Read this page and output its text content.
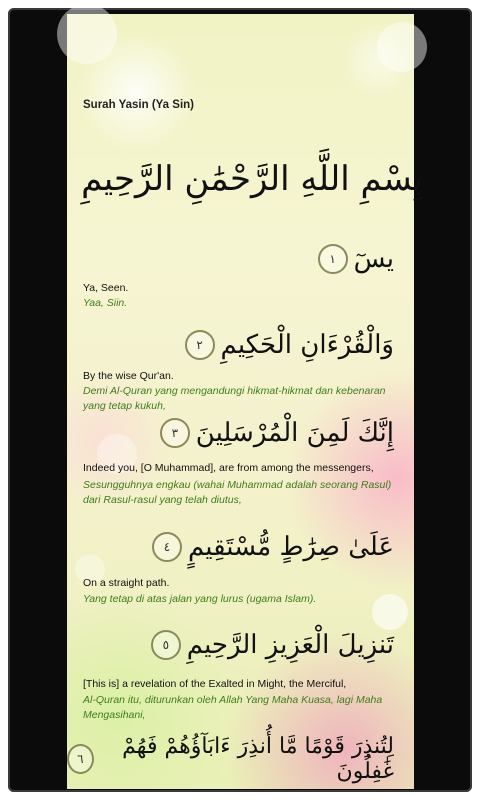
Surah Yasin (Ya Sin)
بِسْمِ اللَّهِ الرَّحْمَٰنِ الرَّحِيمِ
يسٓ
١
Ya, Seen.
Yaa, Siin.
وَالْقُرْءَانِ الْحَكِيمِ
٢
By the wise Qur'an.
Demi Al-Quran yang mengandungi hikmat-hikmat dan kebenaran yang tetap kukuh,
إِنَّكَ لَمِنَ الْمُرْسَلِينَ
٣
Indeed you, [O Muhammad], are from among the messengers,
Sesungguhnya engkau (wahai Muhammad adalah seorang Rasul) dari Rasul-rasul yang telah diutus,
عَلَىٰ صِرَٰطٍ مُّسْتَقِيمٍ
٤
On a straight path.
Yang tetap di atas jalan yang lurus (ugama Islam).
تَنزِيلَ الْعَزِيزِ الرَّحِيمِ
٥
[This is] a revelation of the Exalted in Might, the Merciful,
Al-Quran itu, diturunkan oleh Allah Yang Maha Kuasa, lagi Maha Mengasihani,
لِتُنذِرَ قَوْمًا مَّا أُنذِرَ ءَابَآؤُهُمْ فَهُمْ غَٰفِلُونَ
٦
